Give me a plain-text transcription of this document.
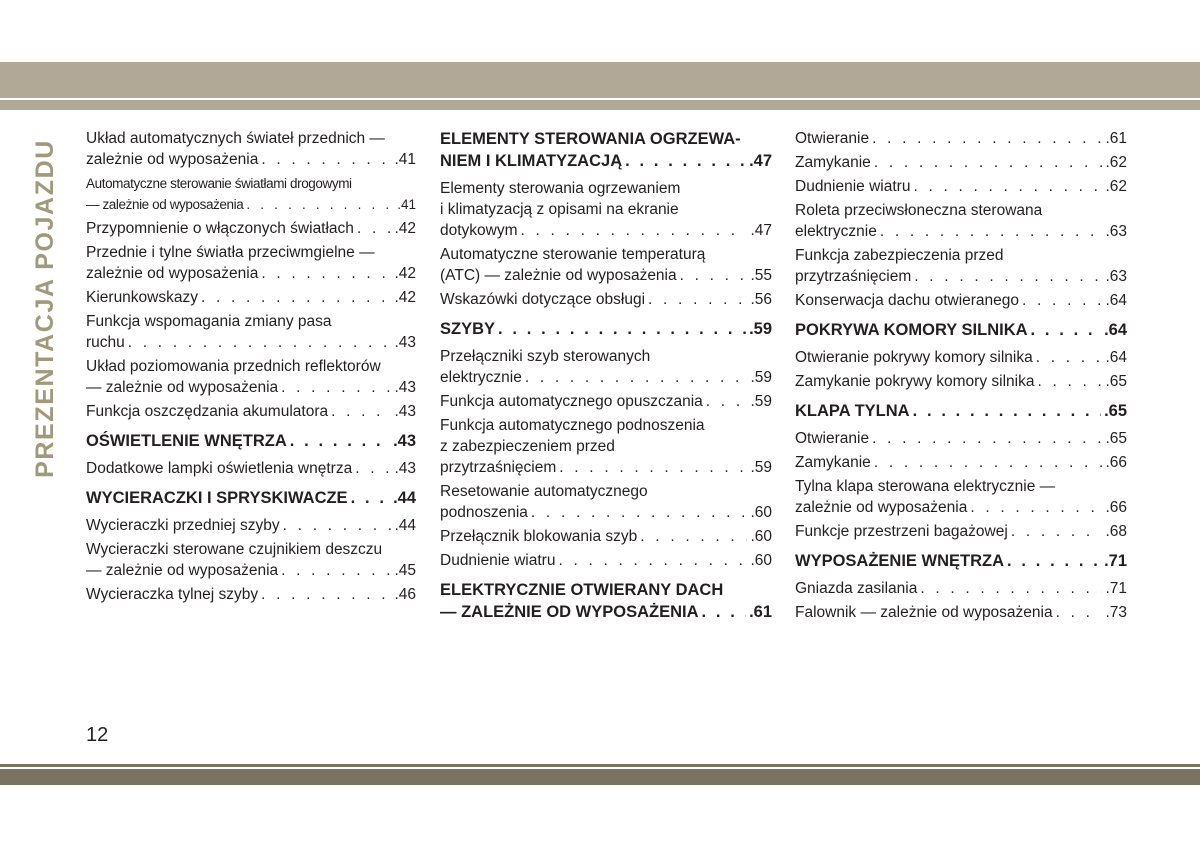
PREZENTACJA POJAZDU
Układ automatycznych świateł przednich —
zależnie od wyposażenia . . .	.41
Automatyczne sterowanie światłami drogowymi
— zależnie od wyposażenia . . .	.41
Przypomnienie o włączonych światłach . . .	.42
Przednie i tylne światła przeciwmgielne —
zależnie od wyposażenia . . .	.42
Kierunkowskazy . . .	.42
Funkcja wspomagania zmiany pasa
ruchu . . .	.43
Układ poziomowania przednich reflektorów
— zależnie od wyposażenia . . .	.43
Funkcja oszczędzania akumulatora . . .	.43
OŚWIETLENIE WNĘTRZA . . .	.43
Dodatkowe lampki oświetlenia wnętrza . . .	.43
WYCIERACZKI I SPRYSKIWACZE . . .	.44
Wycieraczki przedniej szyby . . .	.44
Wycieraczki sterowane czujnikiem deszczu
— zależnie od wyposażenia . . .	.45
Wycieraczka tylnej szyby . . .	.46
ELEMENTY STEROWANIA OGRZEWA-
NIEM I KLIMATYZACJĄ . . .	.47
Elementy sterowania ogrzewaniem
i klimatyzacją z opisami na ekranie
dotykowym . . .	.47
Automatyczne sterowanie temperaturą
(ATC) — zależnie od wyposażenia . . .	.55
Wskazówki dotyczące obsługi . . .	.56
SZYBY . . .	.59
Przełączniki szyb sterowanych
elektrycznie . . .	.59
Funkcja automatycznego opuszczania . . .	.59
Funkcja automatycznego podnoszenia
z zabezpieczeniem przed
przytrzaśnięciem . . .	.59
Resetowanie automatycznego
podnoszenia . . .	.60
Przełącznik blokowania szyb . . .	.60
Dudnienie wiatru . . .	.60
ELEKTRYCZNIE OTWIERANY DACH
— ZALEŻNIE OD WYPOSAŻENIA . . .	.61
Otwieranie . . .	.61
Zamykanie . . .	.62
Dudnienie wiatru . . .	.62
Roleta przeciwsłoneczna sterowana
elektrycznie . . .	.63
Funkcja zabezpieczenia przed
przytrzaśnięciem . . .	.63
Konserwacja dachu otwieranego . . .	.64
POKRYWA KOMORY SILNIKA . . .	.64
Otwieranie pokrywy komory silnika . . .	.64
Zamykanie pokrywy komory silnika . . .	.65
KLAPA TYLNA . . .	.65
Otwieranie . . .	.65
Zamykanie . . .	.66
Tylna klapa sterowana elektrycznie —
zależnie od wyposażenia . . .	.66
Funkcje przestrzeni bagażowej . . .	.68
WYPOSAŻENIE WNĘTRZA . . .	.71
Gniazda zasilania . . .	.71
Falownik — zależnie od wyposażenia . . .	.73
12
